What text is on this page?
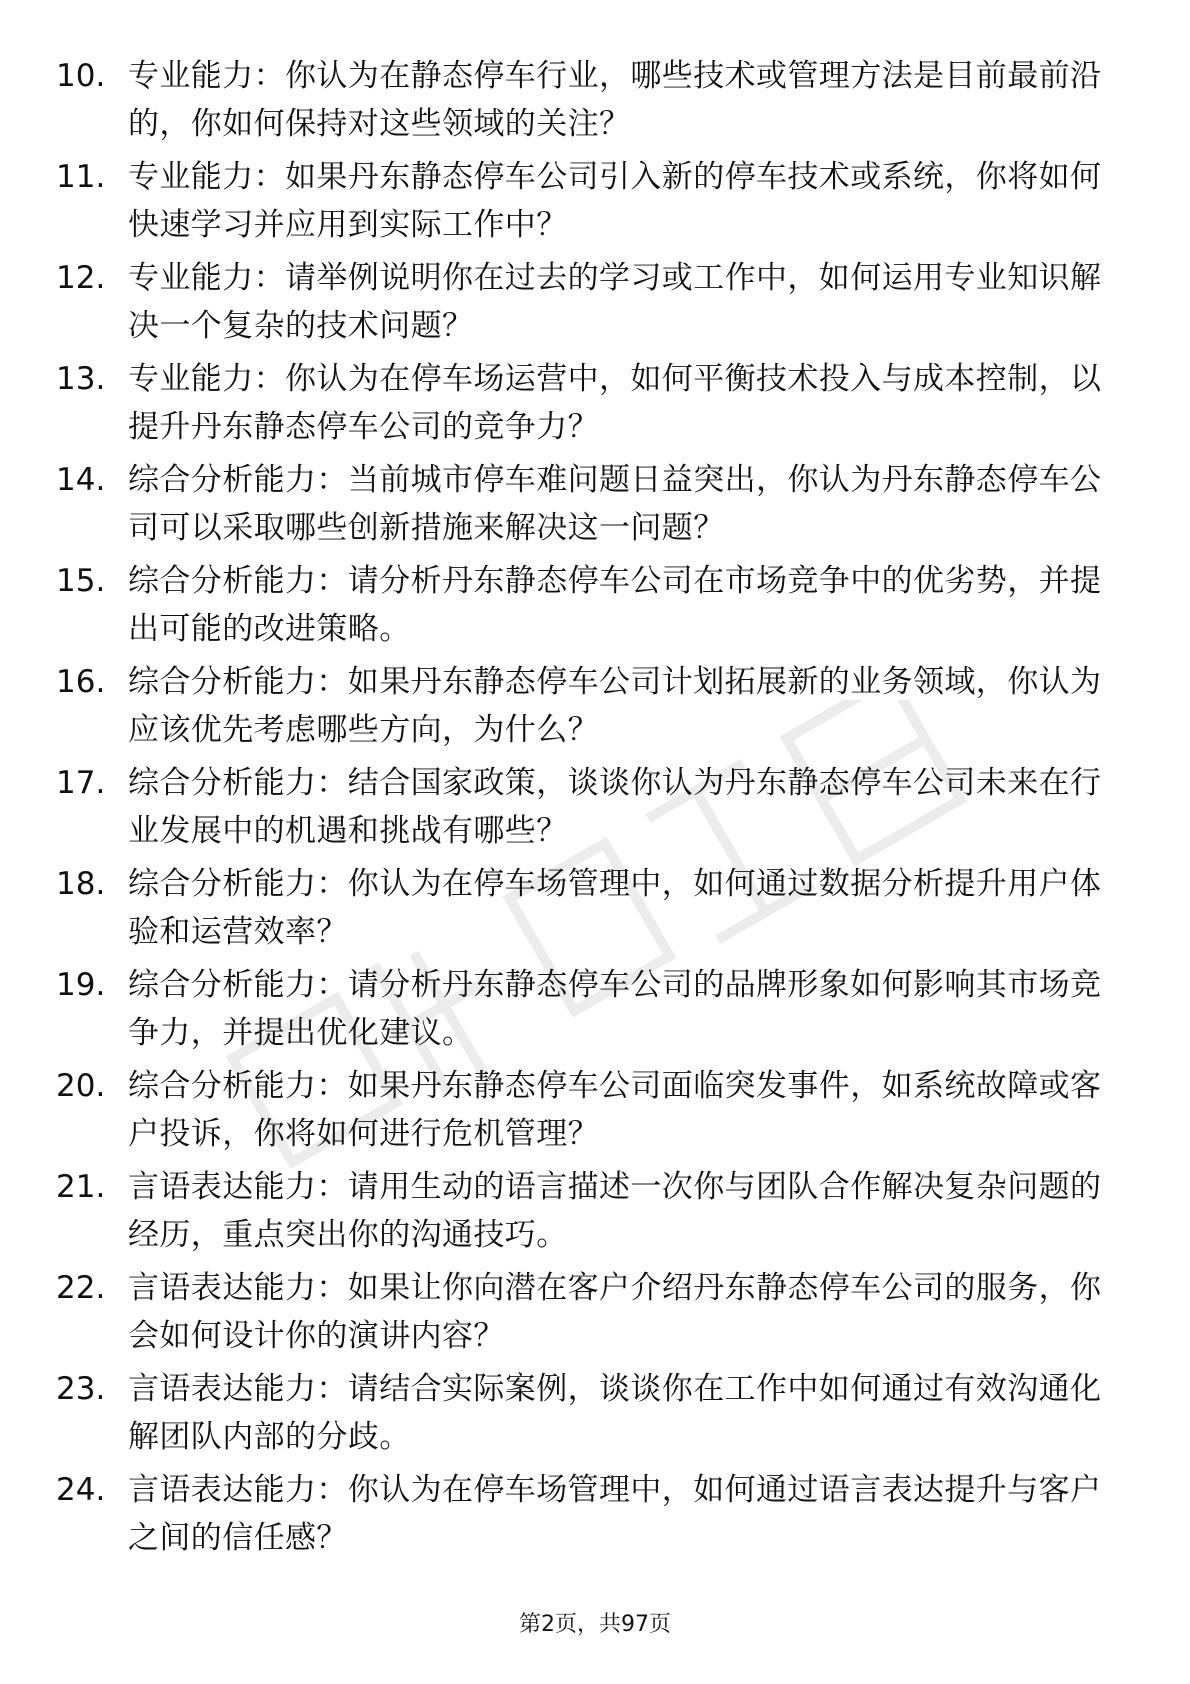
10. 专业能力：你认为在静态停车行业，哪些技术或管理方法是目前最前沿的，你如何保持对这些领域的关注？
11. 专业能力：如果丹东静态停车公司引入新的停车技术或系统，你将如何快速学习并应用到实际工作中？
12. 专业能力：请举例说明你在过去的学习或工作中，如何运用专业知识解决一个复杂的技术问题？
13. 专业能力：你认为在停车场运营中，如何平衡技术投入与成本控制，以提升丹东静态停车公司的竞争力？
14. 综合分析能力：当前城市停车难问题日益突出，你认为丹东静态停车公司可以采取哪些创新措施来解决这一问题？
15. 综合分析能力：请分析丹东静态停车公司在市场竞争中的优劣势，并提出可能的改进策略。
16. 综合分析能力：如果丹东静态停车公司计划拓展新的业务领域，你认为应该优先考虑哪些方向，为什么？
17. 综合分析能力：结合国家政策，谈谈你认为丹东静态停车公司未来在行业发展中的机遇和挑战有哪些？
18. 综合分析能力：你认为在停车场管理中，如何通过数据分析提升用户体验和运营效率？
19. 综合分析能力：请分析丹东静态停车公司的品牌形象如何影响其市场竞争力，并提出优化建议。
20. 综合分析能力：如果丹东静态停车公司面临突发事件，如系统故障或客户投诉，你将如何进行危机管理？
21. 言语表达能力：请用生动的语言描述一次你与团队合作解决复杂问题的经历，重点突出你的沟通技巧。
22. 言语表达能力：如果让你向潜在客户介绍丹东静态停车公司的服务，你会如何设计你的演讲内容？
23. 言语表达能力：请结合实际案例，谈谈你在工作中如何通过有效沟通化解团队内部的分歧。
24. 言语表达能力：你认为在停车场管理中，如何通过语言表达提升与客户之间的信任感？
第2页，共97页
